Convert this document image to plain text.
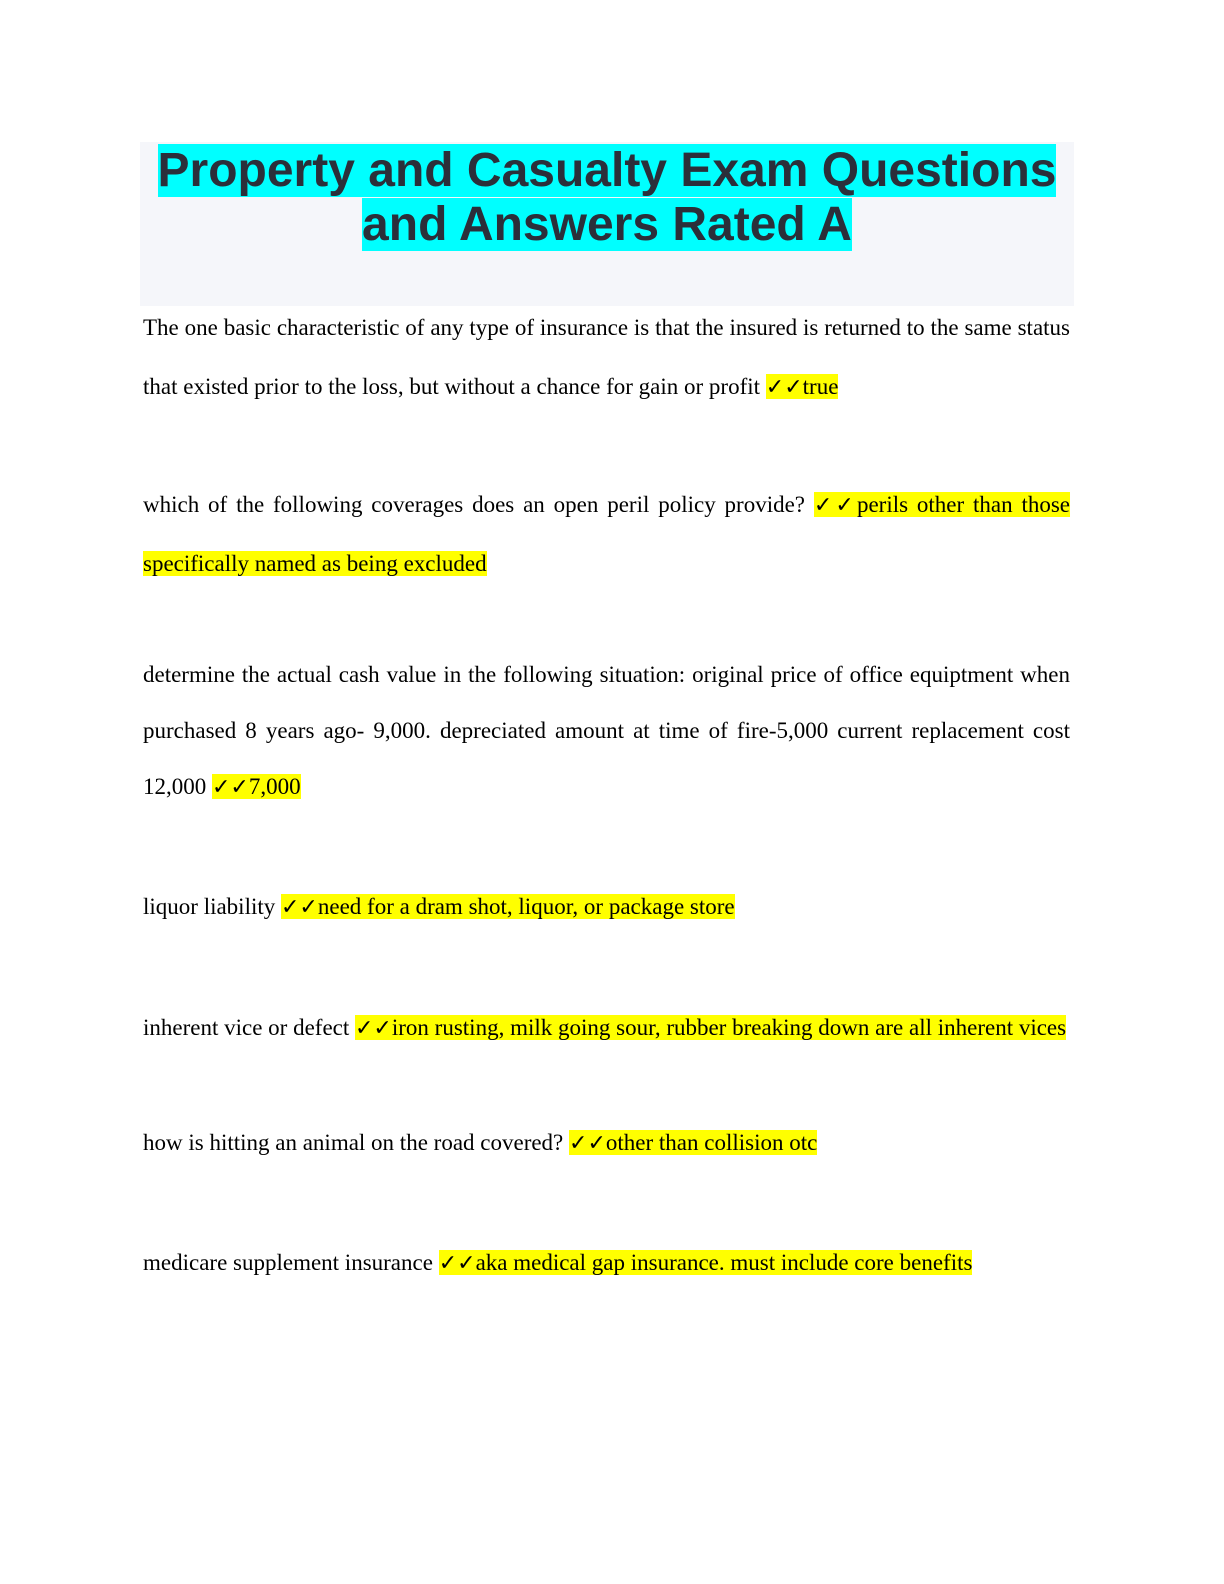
Property and Casualty Exam Questions
and Answers Rated A

The one basic characteristic of any type of insurance is that the insured is returned to the same status that existed prior to the loss, but without a chance for gain or profit ✓✓true

which of the following coverages does an open peril policy provide? ✓✓perils other than those specifically named as being excluded

determine the actual cash value in the following situation: original price of office equiptment when purchased 8 years ago- 9,000. depreciated amount at time of fire-5,000 current replacement cost 12,000 ✓✓7,000

liquor liability ✓✓need for a dram shot, liquor, or package store

inherent vice or defect ✓✓iron rusting, milk going sour, rubber breaking down are all inherent vices

how is hitting an animal on the road covered? ✓✓other than collision otc

medicare supplement insurance ✓✓aka medical gap insurance. must include core benefits
